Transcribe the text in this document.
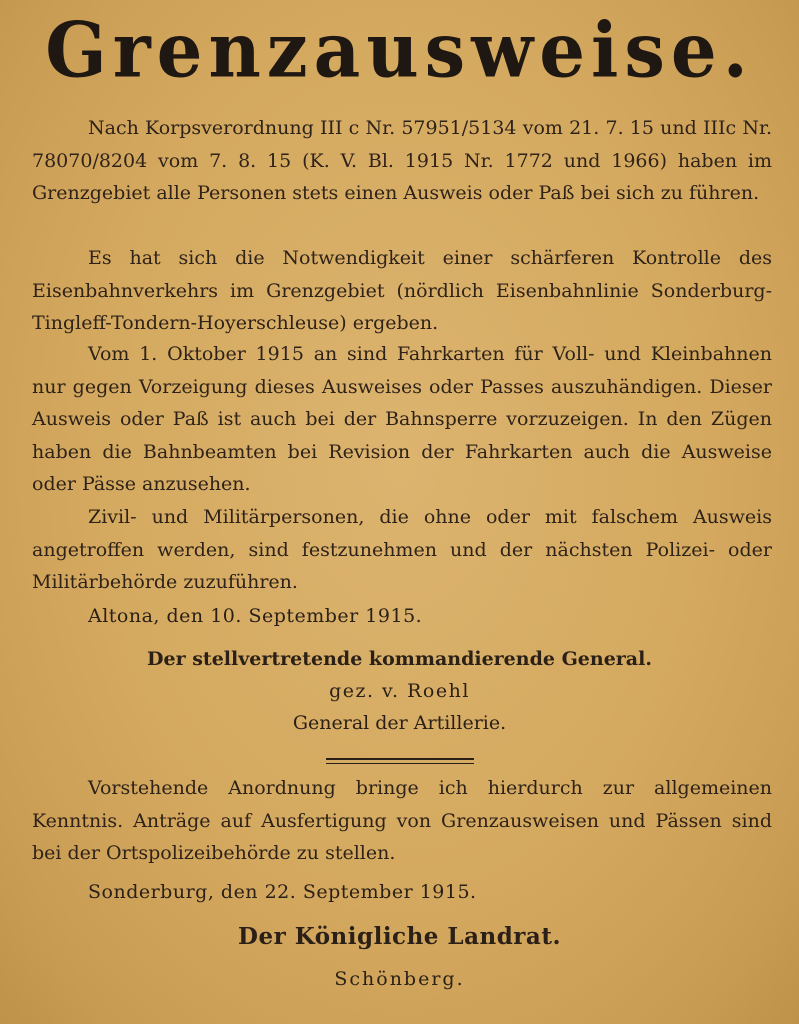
Grenzausweise.
Nach Korpsverordnung III c Nr. 57951/5134 vom 21. 7. 15 und IIIc Nr. 78070/8204 vom 7. 8. 15 (K. V. Bl. 1915 Nr. 1772 und 1966) haben im Grenzgebiet alle Personen stets einen Ausweis oder Paß bei sich zu führen.
Es hat sich die Notwendigkeit einer schärferen Kontrolle des Eisenbahnverkehrs im Grenzgebiet (nördlich Eisenbahnlinie Sonderburg-Tingleff-Tondern-Hoyerschleuse) ergeben.
Vom 1. Oktober 1915 an sind Fahrkarten für Voll- und Kleinbahnen nur gegen Vorzeigung dieses Ausweises oder Passes auszuhändigen. Dieser Ausweis oder Paß ist auch bei der Bahnsperre vorzuzeigen. In den Zügen haben die Bahnbeamten bei Revision der Fahrkarten auch die Ausweise oder Pässe anzusehen.
Zivil- und Militärpersonen, die ohne oder mit falschem Ausweis angetroffen werden, sind festzunehmen und der nächsten Polizei- oder Militärbehörde zuzuführen.
Altona, den 10. September 1915.
Der stellvertretende kommandierende General.
gez. v. Roehl
General der Artillerie.
Vorstehende Anordnung bringe ich hierdurch zur allgemeinen Kenntnis. Anträge auf Ausfertigung von Grenzausweisen und Pässen sind bei der Ortspolizeibehörde zu stellen.
Sonderburg, den 22. September 1915.
Der Königliche Landrat.
Schönberg.
